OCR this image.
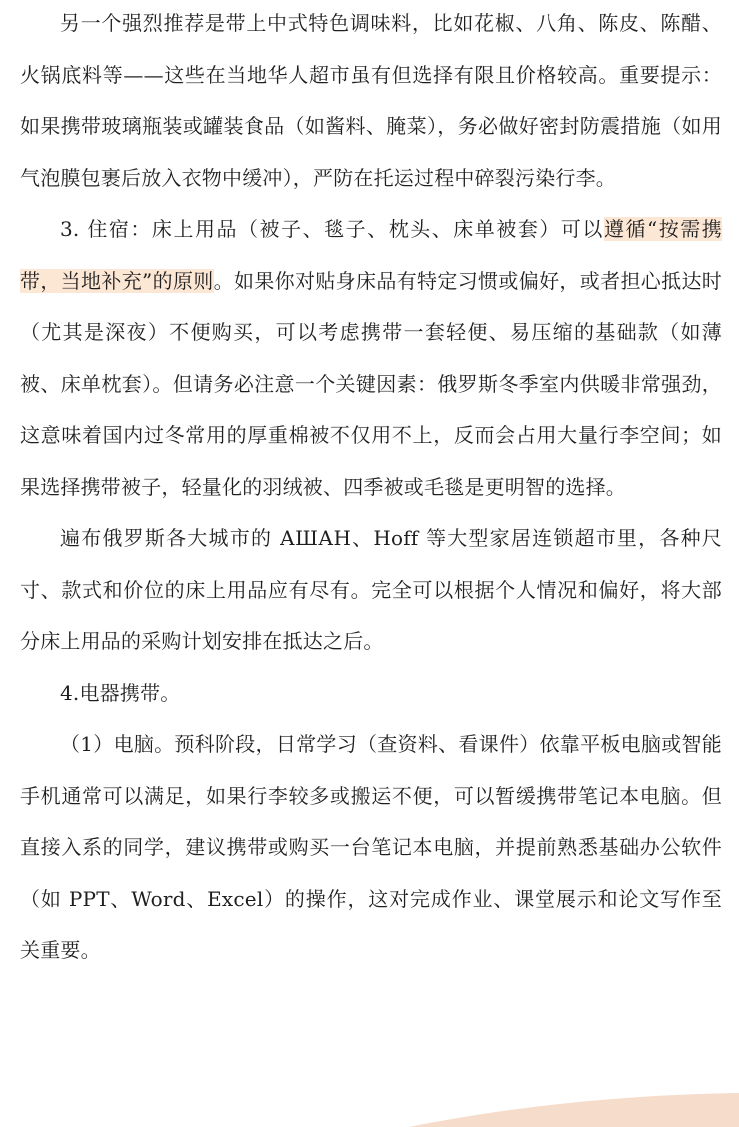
另一个强烈推荐是带上中式特色调味料，比如花椒、八角、陈皮、陈醋、火锅底料等——这些在当地华人超市虽有但选择有限且价格较高。重要提示：如果携带玻璃瓶装或罐装食品（如酱料、腌菜），务必做好密封防震措施（如用气泡膜包裹后放入衣物中缓冲），严防在托运过程中碎裂污染行李。

3. 住宿：床上用品（被子、毯子、枕头、床单被套）可以遵循“按需携带，当地补充”的原则。如果你对贴身床品有特定习惯或偏好，或者担心抵达时（尤其是深夜）不便购买，可以考虑携带一套轻便、易压缩的基础款（如薄被、床单枕套）。但请务必注意一个关键因素：俄罗斯冬季室内供暖非常强劲，这意味着国内过冬常用的厚重棉被不仅用不上，反而会占用大量行李空间；如果选择携带被子，轻量化的羽绒被、四季被或毛毯是更明智的选择。

遍布俄罗斯各大城市的 АШАН、Hoff 等大型家居连锁超市里，各种尺寸、款式和价位的床上用品应有尽有。完全可以根据个人情况和偏好，将大部分床上用品的采购计划安排在抵达之后。

4.电器携带。

（1）电脑。预科阶段，日常学习（查资料、看课件）依靠平板电脑或智能手机通常可以满足，如果行李较多或搬运不便，可以暂缓携带笔记本电脑。但直接入系的同学，建议携带或购买一台笔记本电脑，并提前熟悉基础办公软件（如 PPT、Word、Excel）的操作，这对完成作业、课堂展示和论文写作至关重要。
